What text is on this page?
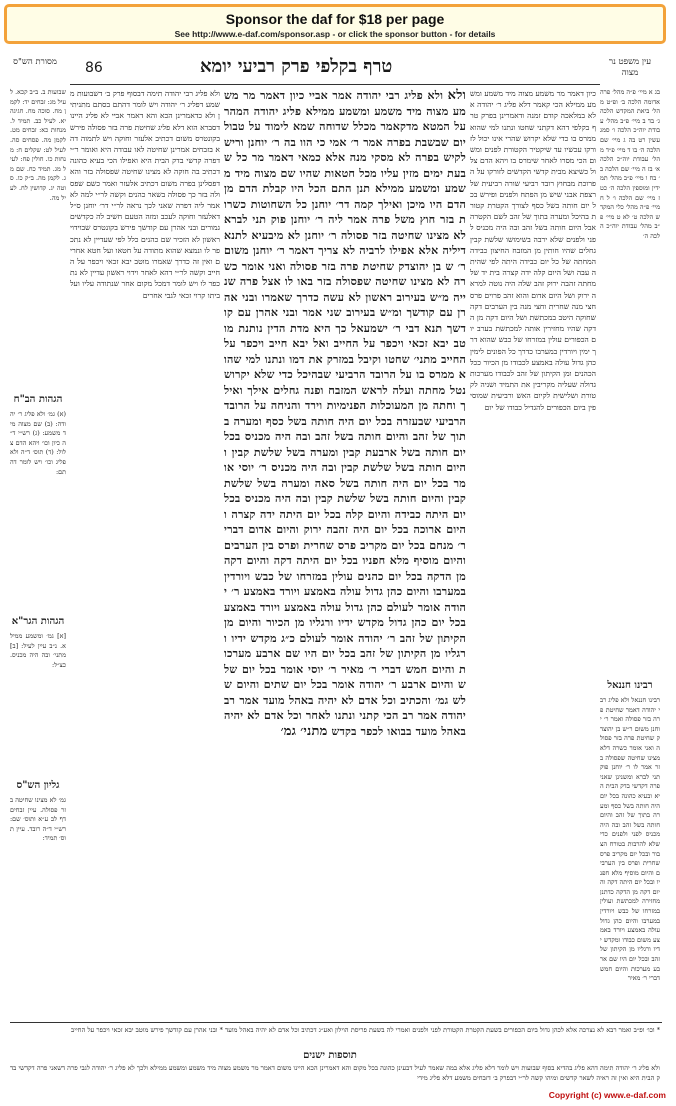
Sponsor the daf for $18 per page
See http://www.e-daf.com/sponsor.asp - or click the sponsor button - for details
טרף בקלפי פרק רביעי יומא
86	עין משפט נר מצוה
מסורת הש"ס
בג א מיי׳ פ״ה מהל׳ פרה אדומה הלכה ב׳ ופ״ט מהל׳ ביאת המקדש הלכה ג׳ בד ב מיי׳ פ״ב מהל׳ עבודת יוה״כ הלכה ו׳ סמג עשין רט בה ג מיי׳ שם הלכה ה׳ בו ד מיי׳ פ״ד מהל׳ עבודת יוה״כ הלכה א׳ בז ה מיי׳ שם הלכה ב׳ בח ו מיי׳ פ״ב מהל׳ תמידין ומוספין הלכה ה׳ כט ז מיי׳ שם הלכה ו׳ ל ח מיי׳ פ״ה מהל׳ כלי המקדש הלכה ט׳ לא ט מיי׳ פ״ב מהל׳ עבודת יוה״כ הלכה ה׳
רבינו חננאל
רבינו חננאל ולא פליג רבי יהודה דאמר שחיטת פרה בזר פסולה ואמר ר׳ יוחנן משום ר״ש בן יהוצדק שחיטת פרה בזר פסולה ואני אומר כשרה דלא מצינו שחיטה שפסולה בזר אמר לו ר׳ יוחנן פוק תני לברא ומשנינן שאני פרה דקדשי בדק הבית היא ובעיא כהונה בכל יום היה חותה בשל כסף ומערה בתוך של זהב והיום חותה בשל זהב ובה היה מכניס לפני ולפנים כדי שלא להרבות בטורח הצבור ובכל יום מקריב פרס שחרית ופרס בין הערבים והיום מוסיף מלא חפניו ובכל יום היתה דקה והיום דקה מן הדקה כדתנן מחזירה למכתשת ועולין במזרחו של כבש ויורדין במערבו והיום כהן גדול עולה באמצע ויורד באמצע משום כבודו ומקדש ידיו ורגליו מן הקיתון של זהב ובכל יום היו שם ארבע מערכות והיום חמש דברי ר׳ מאיר
כיון דאמר מר משמע מצוה מיד משמע ומשמע ממילא הכי קאמר דלא פליג ר׳ יהודה אלא במלאכה קודם זמנה ודאמרינן בפרק טרף בקלפי דהא דקתני שחטו ונתנו למי שהוא ממרס בו כדי שלא יקרוש שהרי אינו יכול לזורקו עכשיו עד שיקטיר הקטורת לפנים ומשום הכי מסרו לאחר שימרס בו ויהא הדם צלול כשיצא מבית קדשי הקדשים לזורקו על הפרוכת מבחוץ רובד רביעי שורה רביעית של רצפת אבני שיש מן הפתח ולפנים ופירש בכל יום חותה בשל כסף לצורך הקטרת קטורת בהיכל ומערה בתוך של זהב לשם הקטרה אבל היום חותה בשל זהב ובה היה מכניס לפני ולפנים שלא ירבה בשימושו שלשת קבין גחלים שהיו חותין מן המזבח החיצון כבידה המחתה של כל יום כבידה היתה לפי שהיתה עבה ושל היום קלה ידה קצרה בית יד של מחתה זהבה ירוק זהב שלה היה נוטה למראה ירוק ושל היום אדום והוא זהב פרוים פרס חצי מנה שחרית וחצי מנה בין הערבים דקה שחוקה היטב במכתשת ושל היום דקה מן הדקה שהיו מחזירין אותה למכתשת בערב יום הכפורים עולין במזרחו של כבש שהוא דרך ימין ויורדין במערבו כדרך כל הפונים לימין כהן גדול עולה באמצע לכבודו מן הכיור ככל הכהנים ומן הקיתון של זהב לכבודו מערכות גדולה שעליה מקריבין את התמיד ושניה לקטורת ושלישית לקיום האש ורביעית שמוסיפין ביום הכפורים להגדיל כבודו של יום
ולא ולא פליג רבי יהודה אמר אביי כיון דאמר מר משמע מצוה מיד משמע ומשמע ממילא פליג יהודה המהר על המטא מדקאמר מכלל שדוחה שמא לימוד על טבול יום שבשבת בפרה אמר ר׳ אמי כי הוו בה ר׳ יוחנן וריש לקיש בפרה לא מסקי מנה אלא כמאי דאמר מר כל שבעת ימים מזין עליו מכל חטאות שהיו שם מצוה מיד משמע ומשמע ממילא תנן התם הכל היו קבלת הדם מן הדם היו מיכן ואילך קמה דר׳ יוחנן כל השחוטות כשרות בזר חוץ משל פרה אמר ליה ר׳ יוחנן פוק תני לברא לא מצינו שחיטה בזר פסולה ר׳ יוחנן לא מיבעיא לתנא דיליה אלא אפילו לרביה לא צריך דאמר ר׳ יוחנן משום ר׳ ש בן יהוצדק שחיטת פרה בזר פסולה ואני אומר כשרה לא מצינו שחיטה שפסולה בזר באו לו אצל פרה שנייה מ״ש בעירוב ראשון לא עשה כדרך שאמרו ובני אהרן עם קודשך ומ״ש בעירוב שני אמר ובני אהרן עם קודשך תנא דבי ר׳ ישמעאל כך היא מדת הדין נותנת מוטב יבא זכאי ויכפר על החייב ואל יבא חייב ויכפר על החייב מתני׳ שחטו וקיבל במזרק את דמו ונתנו למי שהוא ממרס בו על הרובד הרביעי שבהיכל כדי שלא יקרוש נטל מחתה ועלה לראש המזבח ופנה גחלים אילך ואילך וחתה מן המעוכלות הפנימיות וירד והניחה על הרובד הרביעי שבעזרה בכל יום היה חותה בשל כסף ומערה בתוך של זהב והיום חותה בשל זהב ובה היה מכניס בכל יום חותה בשל ארבעת קבין ומערה בשל שלשת קבין והיום חותה בשל שלשת קבין ובה היה מכניס ר׳ יוסי אומר בכל יום היה חותה בשל סאה ומערה בשל שלשת קבין והיום חותה בשל שלשת קבין ובה היה מכניס בכל יום היתה כבידה והיום קלה בכל יום היתה ידה קצרה והיום ארוכה בכל יום היה זהבה ירוק והיום אדום דברי ר׳ מנחם בכל יום מקריב פרס שחרית ופרס בין הערבים והיום מוסיף מלא חפניו בכל יום היתה דקה והיום דקה מן הדקה בכל יום כהנים עולין במזרחו של כבש ויורדין במערבו והיום כהן גדול עולה באמצע ויורד באמצע ר׳ יהודה אומר לעולם כהן גדול עולה באמצע ויורד באמצע בכל יום כהן גדול מקדש ידיו ורגליו מן הכיור והיום מן הקיתון של זהב ר׳ יהודה אומר לעולם כ״ג מקדש ידיו ורגליו מן הקיתון של זהב בכל יום היו שם ארבע מערכות והיום חמש דברי ר׳ מאיר ר׳ יוסי אומר בכל יום שלש והיום ארבע ר׳ יהודה אומר בכל יום שתים והיום שלש גמ׳ והכתיב וכל אדם לא יהיה באהל מועד אמר רב יהודה אמר רב הכי קתני ונתנו לאחר וכל אדם לא יהיה באהל מועד בבואו לכפר בקדש מתני׳ גמ׳
ולא פליג רבי יהודה תימה דבסוף פרק ב׳ דשבועות משמע דפליג ר׳ יהודה ויש לומר דהתם בסתם מתניתין ולא כדאמרינן הכא והא דאמר אביי לא פליג היינו דסברא הוא דלא פליג שחיטת פרה בזר פסולה פירש בקונטרס משום דכתיב אלעזר וחוקה ויש לתמוה דהא בזבחים אמרינן שחיטה לאו עבודה היא ואומר ר״י דפרה קדשי בדק הבית היא ואפילו הכי בעיא כהונה דכתיב בה חוקה לא מצינו שחיטה שפסולה בזר והא דפסלינן בפרה משום דכתיב אלעזר ואמר כשם שפסולה בזר כך פסולה בשאר כהנים וקשה לר״י למה לא אמר ליה דפרה שאני לכך נראה לר״י דר׳ יוחנן ס״ל דאלעזר וחוקה לעכב ומזה הטעם חשיב לה כקדשים גמורים ובני אהרן עם קודשך פירש בקונטרס שבוידוי ראשון לא הזכיר שם כהנים כלל לפי שעדיין לא נתכפר לו ונמצא שהוא מתודה על חטאו ועל חטא אחרים ואין זה כדרך שאמרו מוטב יבא זכאי ויכפר על החייב וקשה לר״י דהא לאחר וידוי ראשון עדיין לא נתכפר לו ויש לומר דמכל מקום אחר שנתודה עליו ועל ביתו קרוי זכאי לגבי אחרים
שבועות ב. ב״ב קכא. לעיל מג: זבחים יד: לקמן מח. סוכה מח. חגיגה יא. לעיל כב. תמיד ל. מנחות כא: זבחים מט. לקמן מה. פסחים סה. לעיל לט: שקלים ח: מנחות כו. חולין פח: לעיל מג. תמיד כח. שם מג. לקמן מה. ב״ק כו. סוטה יג. קדושין לח. לעיל מה.
הגהות הב"ח
(א) גמ׳ ולא פליג ר׳ יהודה: (ב) שם מצוה מיד משמע: (ג) רש״י ד״ה כיון וכו׳ ויהא הדם צלול: (ד) תוס׳ ד״ה ולא פליג וכו׳ ויש לומר דהתם:
הגהות הגר"א
[א] גמ׳ ומשמע ממילא. נ״ב עיין לעיל: [ב] מתני׳ ובה היה מכניס. כצ״ל:
גליון הש"ס
גמ׳ לא מצינו שחיטה בזר פסולה. עיין זבחים דף לב ע״א ותוס׳ שם: רש״י ד״ה רובד. עיין תוס׳ תמיד:
* וכו׳ ופ״ב ואמר רבא לא נצרכה אלא לכהן גדול ביום הכפורים בשעת הקטרת הקטורת לפני ולפנים ואמרי לה בשעת פריסת הוילון ואע״ג דכתיב וכל אדם לא יהיה באהל מועד * ובני אהרן עם קודשך פירש מוטב יבא זכאי ויכפר על החייב
תוספות ישנים
ולא פליג ר׳ יהודה תימה דהא פליג בהדיא בסוף שבועות ויש לומר דלא פליג אלא במה שאמר לעיל דבעינן כהונה בכל מקום והא דאמרינן הכא היינו משום דאמר מר משמע מצוה מיד משמע ומשמע ממילא ולכך לא פליג ר׳ יהודה לגבי פרה דשאני פרה דקדשי בדק הבית היא ואין זה ראיה לשאר קדשים ומיהו קשה לר״י דבפרק ב׳ דזבחים משמע דלא פליג מידי
Copyright (c) www.e-daf.com
